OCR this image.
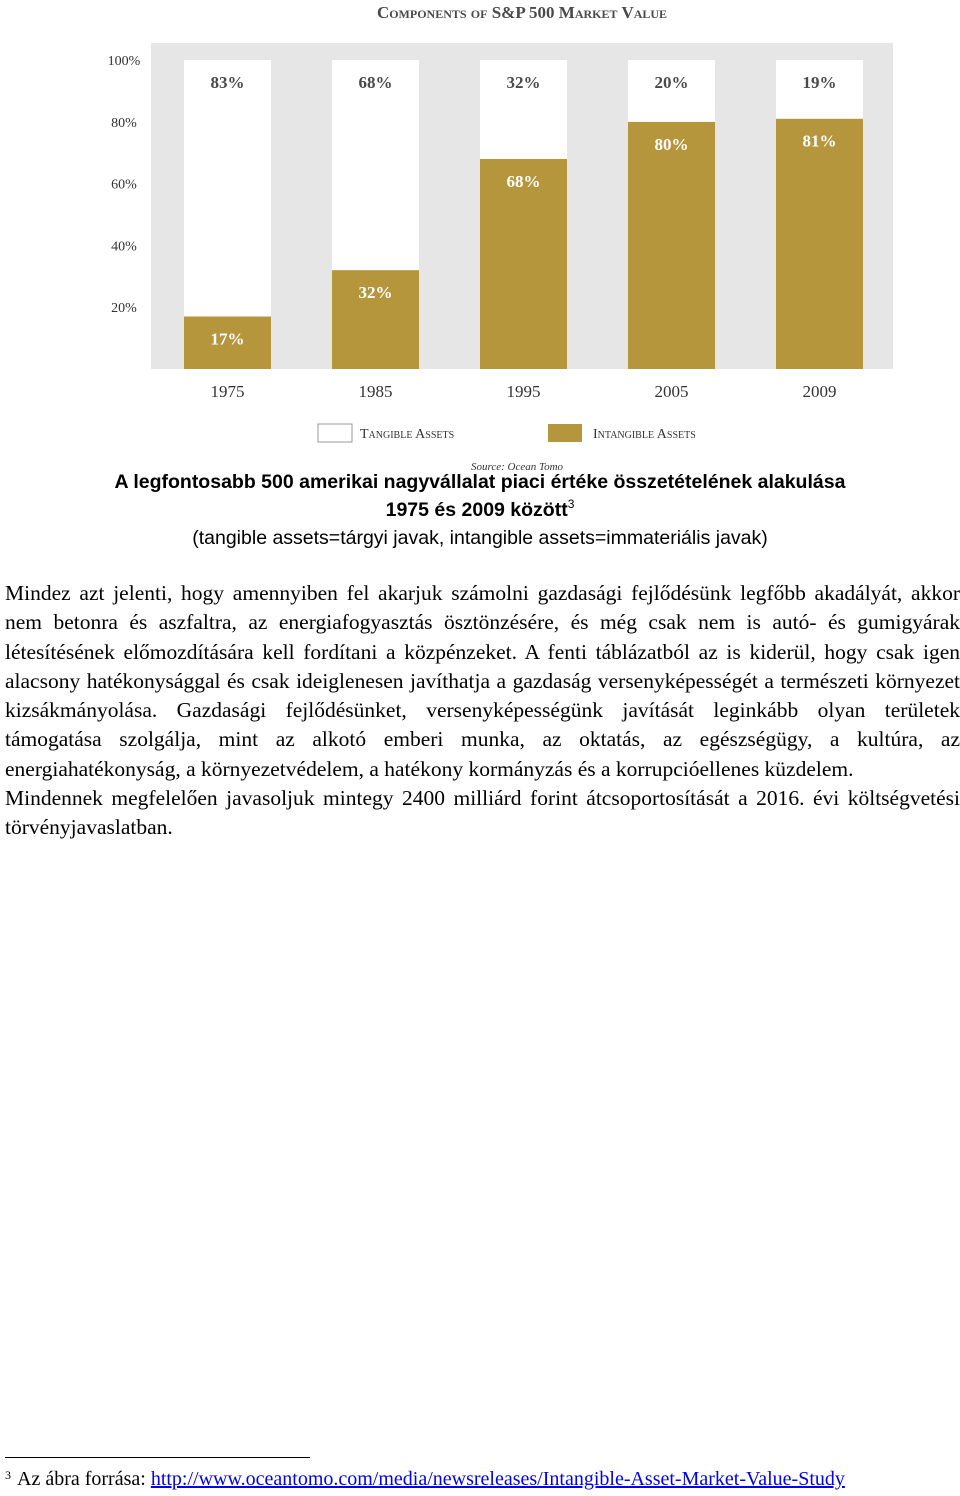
Components of S&P 500 Market Value
20%
40%
60%
80%
100%
83%
17%
68%
32%
32%
68%
20%
80%
19%
81%
1975	1985	1995	2005	2009
Tangible Assets	Intangible Assets
Source: Ocean Tomo
A legfontosabb 500 amerikai nagyvállalat piaci értéke összetételének alakulása
1975 és 2009 között$^3$
(tangible assets=tárgyi javak, intangible assets=immateriális javak)

Mindez azt jelenti, hogy amennyiben fel akarjuk számolni gazdasági fejlődésünk legfőbb akadályát, akkor nem betonra és aszfaltra, az energiafogyasztás ösztönzésére, és még csak nem is autó- és gumigyárak létesítésének előmozdítására kell fordítani a közpénzeket. A fenti táblázatból az is kiderül, hogy csak igen alacsony hatékonysággal és csak ideiglenesen javíthatja a gazdaság versenyképességét a természeti környezet kizsákmányolása. Gazdasági fejlődésünket, versenyképességünk javítását leginkább olyan területek támogatása szolgálja, mint az alkotó emberi munka, az oktatás, az egészségügy, a kultúra, az energiahatékonyság, a környezetvédelem, a hatékony kormányzás és a korrupcióellenes küzdelem.

Mindennek megfelelően javasoljuk mintegy 2400 milliárd forint átcsoportosítását a 2016. évi költségvetési törvényjavaslatban.

$^3$ Az ábra forrása: http://www.oceantomo.com/media/newsreleases/Intangible-Asset-Market-Value-Study
